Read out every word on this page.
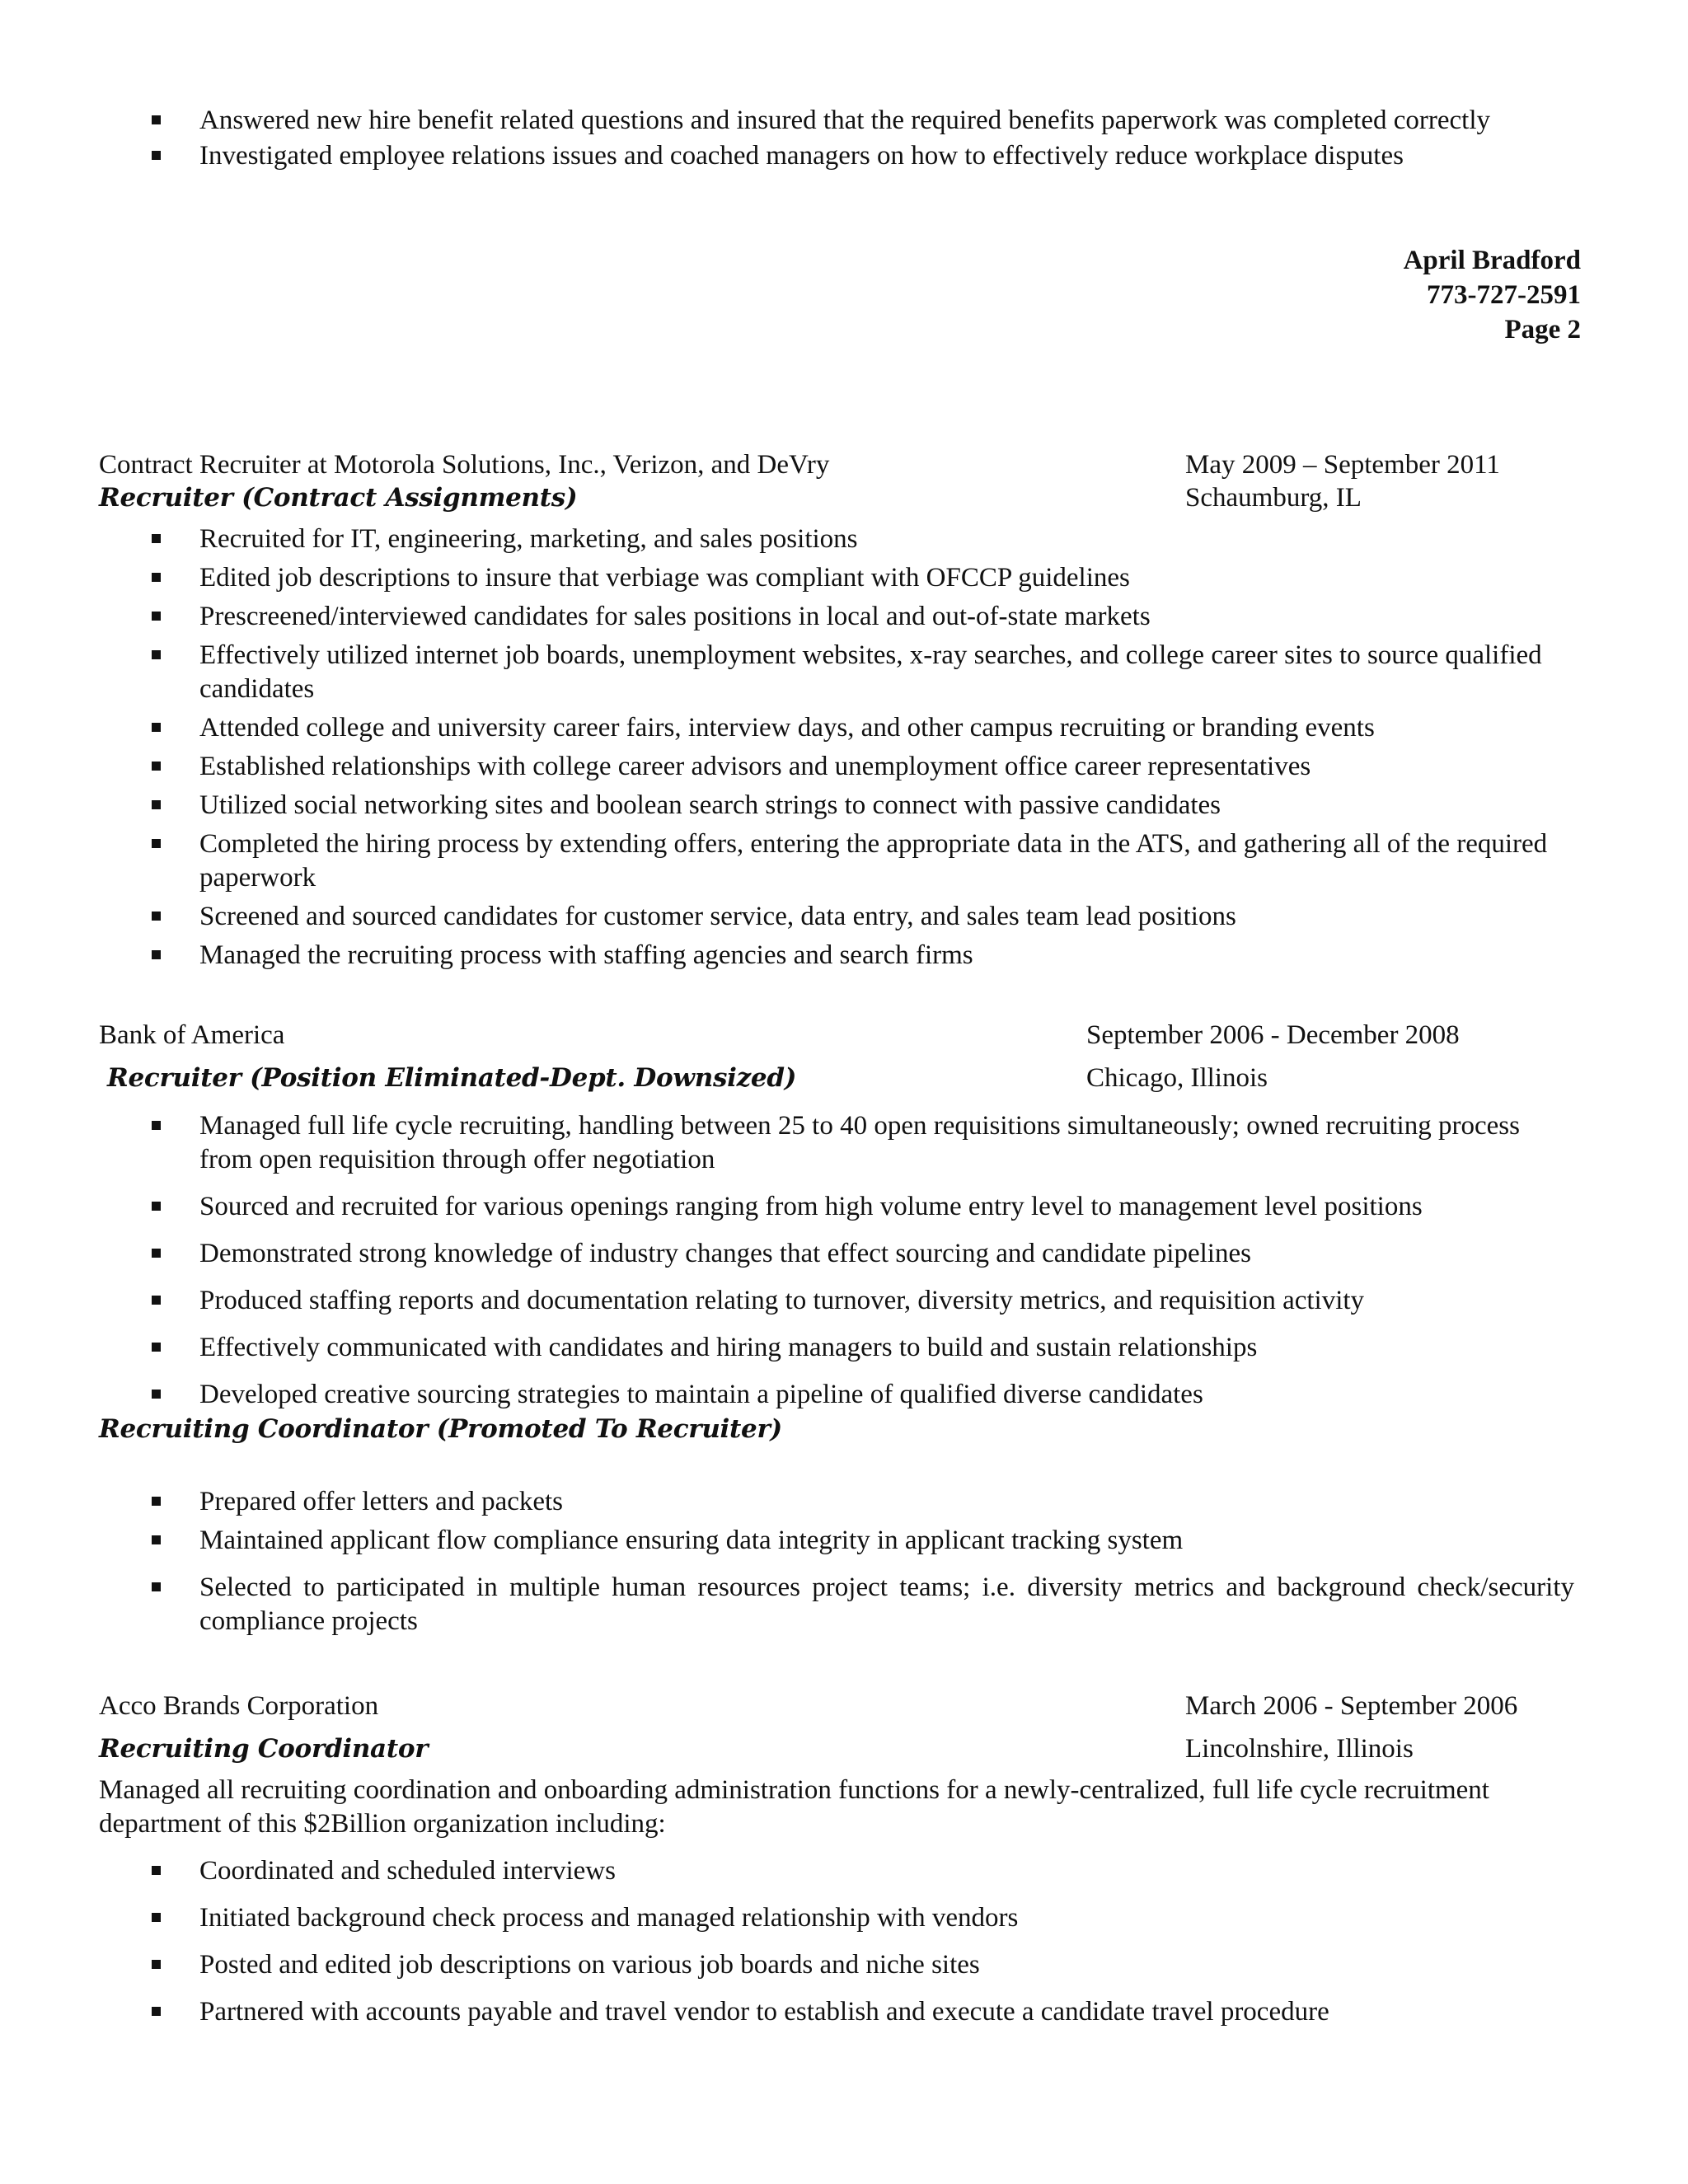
Answered new hire benefit related questions and insured that the required benefits paperwork was completed correctly
Investigated employee relations issues and coached managers on how to effectively reduce workplace disputes
April Bradford
773-727-2591
Page 2
Contract Recruiter at Motorola Solutions, Inc., Verizon, and DeVry	May 2009 – September 2011
Recruiter (Contract Assignments)	Schaumburg, IL
Recruited for IT, engineering, marketing, and sales positions
Edited job descriptions to insure that verbiage was compliant with OFCCP guidelines
Prescreened/interviewed candidates for sales positions in local and out-of-state markets
Effectively utilized internet job boards, unemployment websites, x-ray searches, and college career sites to source qualified candidates
Attended college and university career fairs, interview days, and other campus recruiting or branding events
Established relationships with college career advisors and unemployment office career representatives
Utilized social networking sites and boolean search strings to connect with passive candidates
Completed the hiring process by extending offers, entering the appropriate data in the ATS, and gathering all of the required paperwork
Screened and sourced candidates for customer service, data entry, and sales team lead positions
Managed the recruiting process with staffing agencies and search firms
Bank of America	September 2006 - December 2008
Recruiter (Position Eliminated-Dept. Downsized)	Chicago, Illinois
Managed full life cycle recruiting, handling between 25 to 40 open requisitions simultaneously; owned recruiting process from open requisition through offer negotiation
Sourced and recruited for various openings ranging from high volume entry level to management level positions
Demonstrated strong knowledge of industry changes that effect sourcing and candidate pipelines
Produced staffing reports and documentation relating to turnover, diversity metrics, and requisition activity
Effectively communicated with candidates and hiring managers to build and sustain relationships
Developed creative sourcing strategies to maintain a pipeline of qualified diverse candidates
Recruiting Coordinator (Promoted To Recruiter)
Prepared offer letters and packets
Maintained applicant flow compliance ensuring data integrity in applicant tracking system
Selected to participated in multiple human resources project teams; i.e. diversity metrics and background check/security compliance projects
Acco Brands Corporation	March 2006 - September 2006
Recruiting Coordinator	Lincolnshire, Illinois
Managed all recruiting coordination and onboarding administration functions for a newly-centralized, full life cycle recruitment department of this $2Billion organization including:
Coordinated and scheduled interviews
Initiated background check process and managed relationship with vendors
Posted and edited job descriptions on various job boards and niche sites
Partnered with accounts payable and travel vendor to establish and execute a candidate travel procedure
